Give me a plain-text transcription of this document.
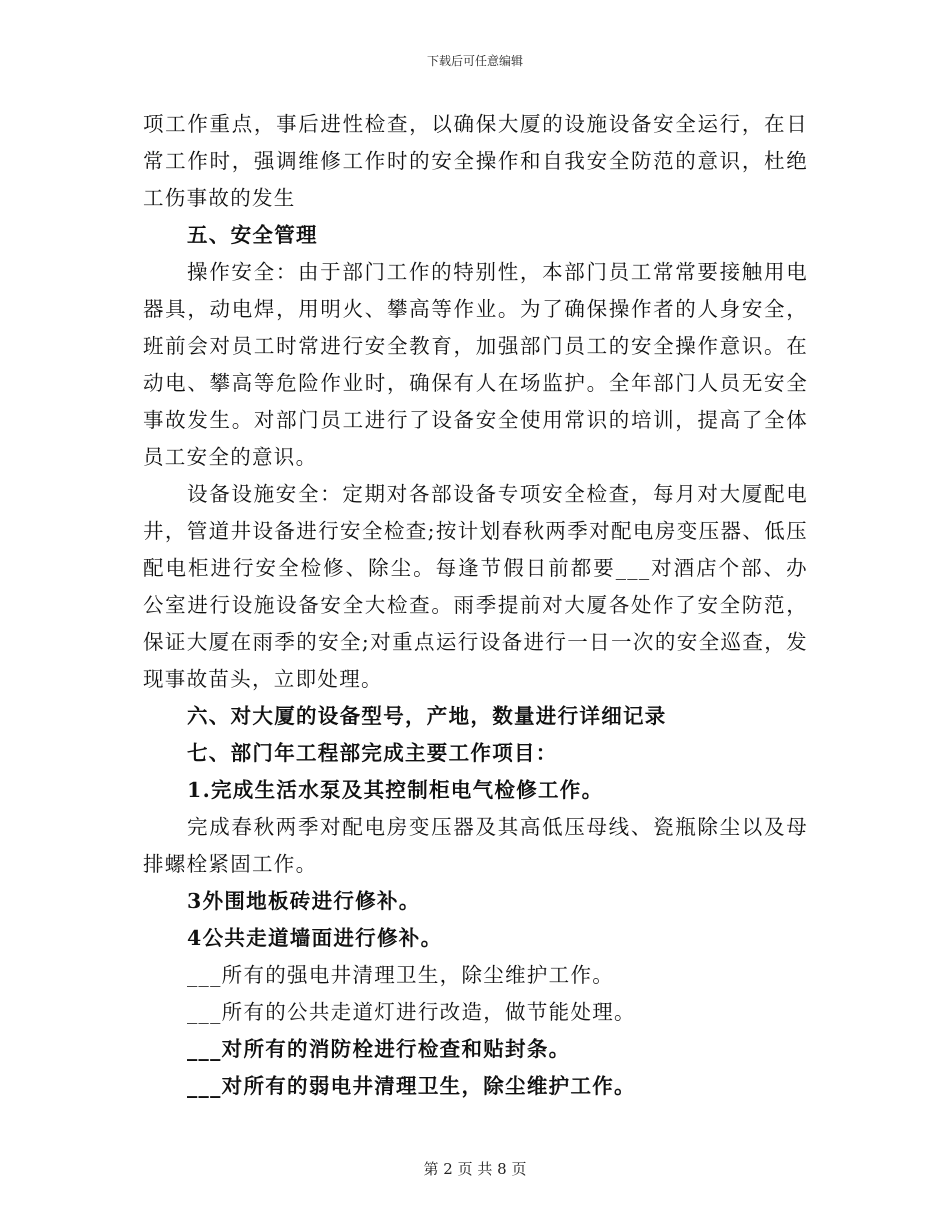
下载后可任意编辑

项工作重点，事后进性检查，以确保大厦的设施设备安全运行，在日常工作时，强调维修工作时的安全操作和自我安全防范的意识，杜绝工伤事故的发生

五、安全管理

操作安全：由于部门工作的特别性，本部门员工常常要接触用电器具，动电焊，用明火、攀高等作业。为了确保操作者的人身安全，班前会对员工时常进行安全教育，加强部门员工的安全操作意识。在动电、攀高等危险作业时，确保有人在场监护。全年部门人员无安全事故发生。对部门员工进行了设备安全使用常识的培训，提高了全体员工安全的意识。

设备设施安全：定期对各部设备专项安全检查，每月对大厦配电井，管道井设备进行安全检查;按计划春秋两季对配电房变压器、低压配电柜进行安全检修、除尘。每逢节假日前都要___对酒店个部、办公室进行设施设备安全大检查。雨季提前对大厦各处作了安全防范，保证大厦在雨季的安全;对重点运行设备进行一日一次的安全巡查，发现事故苗头，立即处理。

六、对大厦的设备型号，产地，数量进行详细记录

七、部门年工程部完成主要工作项目：

1.完成生活水泵及其控制柜电气检修工作。

完成春秋两季对配电房变压器及其高低压母线、瓷瓶除尘以及母排螺栓紧固工作。

3外围地板砖进行修补。

4公共走道墙面进行修补。

___所有的强电井清理卫生，除尘维护工作。

___所有的公共走道灯进行改造，做节能处理。

___对所有的消防栓进行检查和贴封条。

___对所有的弱电井清理卫生，除尘维护工作。

第 2 页 共 8 页
